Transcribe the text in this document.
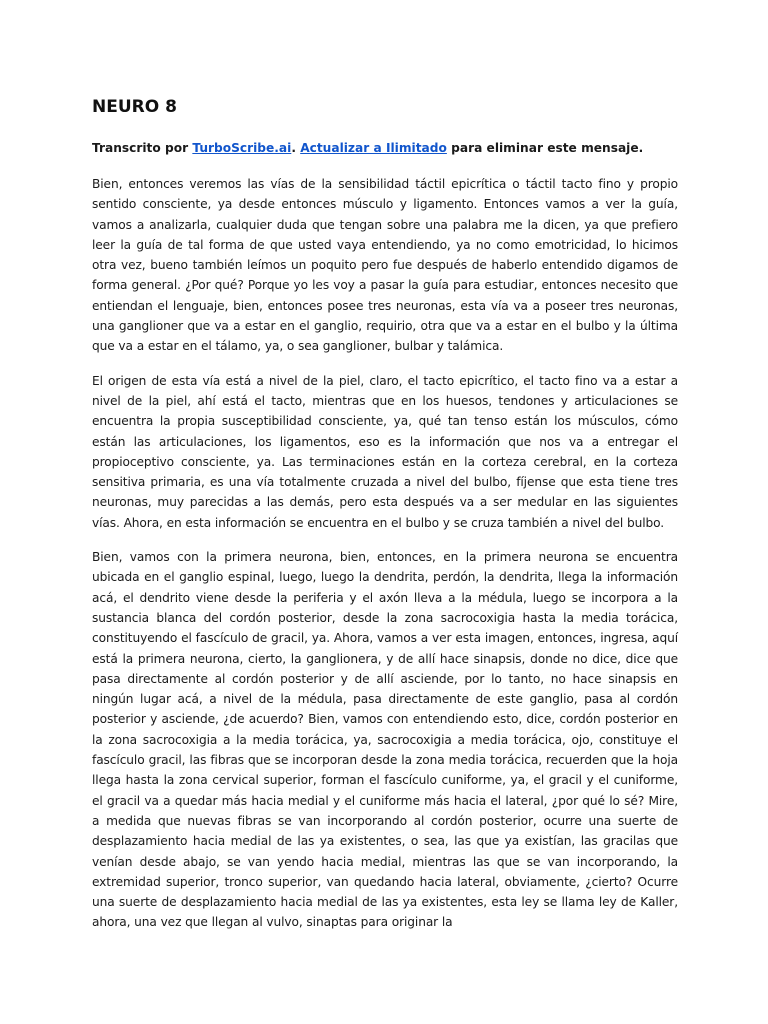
NEURO 8
Transcrito por TurboScribe.ai. Actualizar a Ilimitado para eliminar este mensaje.

Bien, entonces veremos las vías de la sensibilidad táctil epicrítica o táctil tacto fino y propio sentido consciente, ya desde entonces músculo y ligamento. Entonces vamos a ver la guía, vamos a analizarla, cualquier duda que tengan sobre una palabra me la dicen, ya que prefiero leer la guía de tal forma de que usted vaya entendiendo, ya no como emotricidad, lo hicimos otra vez, bueno también leímos un poquito pero fue después de haberlo entendido digamos de forma general. ¿Por qué? Porque yo les voy a pasar la guía para estudiar, entonces necesito que entiendan el lenguaje, bien, entonces posee tres neuronas, esta vía va a poseer tres neuronas, una ganglioner que va a estar en el ganglio, requirio, otra que va a estar en el bulbo y la última que va a estar en el tálamo, ya, o sea ganglioner, bulbar y talámica.

El origen de esta vía está a nivel de la piel, claro, el tacto epicrítico, el tacto fino va a estar a nivel de la piel, ahí está el tacto, mientras que en los huesos, tendones y articulaciones se encuentra la propia susceptibilidad consciente, ya, qué tan tenso están los músculos, cómo están las articulaciones, los ligamentos, eso es la información que nos va a entregar el propioceptivo consciente, ya. Las terminaciones están en la corteza cerebral, en la corteza sensitiva primaria, es una vía totalmente cruzada a nivel del bulbo, fíjense que esta tiene tres neuronas, muy parecidas a las demás, pero esta después va a ser medular en las siguientes vías. Ahora, en esta información se encuentra en el bulbo y se cruza también a nivel del bulbo.

Bien, vamos con la primera neurona, bien, entonces, en la primera neurona se encuentra ubicada en el ganglio espinal, luego, luego la dendrita, perdón, la dendrita, llega la información acá, el dendrito viene desde la periferia y el axón lleva a la médula, luego se incorpora a la sustancia blanca del cordón posterior, desde la zona sacrocoxigia hasta la media torácica, constituyendo el fascículo de gracil, ya. Ahora, vamos a ver esta imagen, entonces, ingresa, aquí está la primera neurona, cierto, la ganglionera, y de allí hace sinapsis, donde no dice, dice que pasa directamente al cordón posterior y de allí asciende, por lo tanto, no hace sinapsis en ningún lugar acá, a nivel de la médula, pasa directamente de este ganglio, pasa al cordón posterior y asciende, ¿de acuerdo? Bien, vamos con entendiendo esto, dice, cordón posterior en la zona sacrocoxigia a la media torácica, ya, sacrocoxigia a media torácica, ojo, constituye el fascículo gracil, las fibras que se incorporan desde la zona media torácica, recuerden que la hoja llega hasta la zona cervical superior, forman el fascículo cuniforme, ya, el gracil y el cuniforme, el gracil va a quedar más hacia medial y el cuniforme más hacia el lateral, ¿por qué lo sé? Mire, a medida que nuevas fibras se van incorporando al cordón posterior, ocurre una suerte de desplazamiento hacia medial de las ya existentes, o sea, las que ya existían, las gracilas que venían desde abajo, se van yendo hacia medial, mientras las que se van incorporando, la extremidad superior, tronco superior, van quedando hacia lateral, obviamente, ¿cierto? Ocurre una suerte de desplazamiento hacia medial de las ya existentes, esta ley se llama ley de Kaller, ahora, una vez que llegan al vulvo, sinaptas para originar la
